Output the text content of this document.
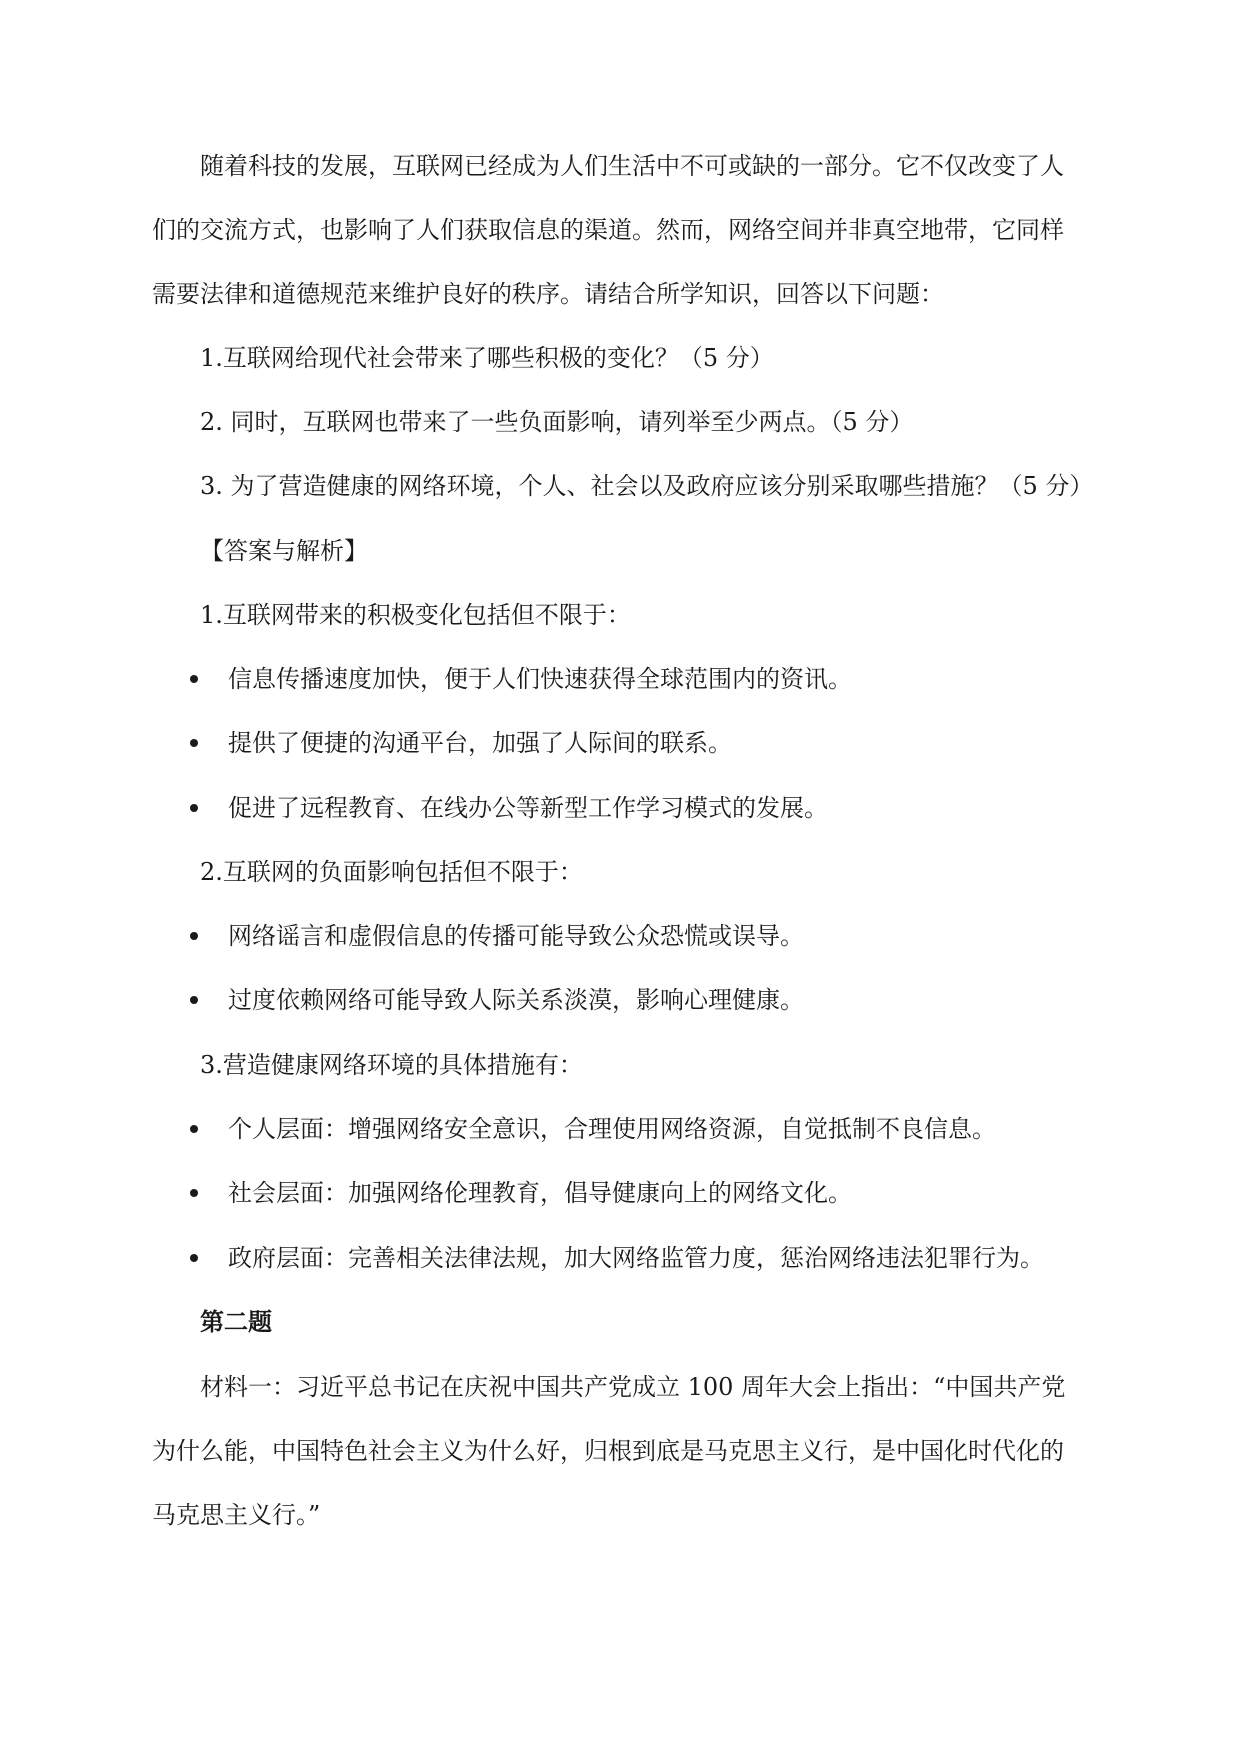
随着科技的发展，互联网已经成为人们生活中不可或缺的一部分。它不仅改变了人
们的交流方式，也影响了人们获取信息的渠道。然而，网络空间并非真空地带，它同样
需要法律和道德规范来维护良好的秩序。请结合所学知识，回答以下问题：
1.互联网给现代社会带来了哪些积极的变化？（5 分）
2. 同时，互联网也带来了一些负面影响，请列举至少两点。（5 分）
3. 为了营造健康的网络环境，个人、社会以及政府应该分别采取哪些措施？（5 分）
【答案与解析】
1.互联网带来的积极变化包括但不限于：
信息传播速度加快，便于人们快速获得全球范围内的资讯。
提供了便捷的沟通平台，加强了人际间的联系。
促进了远程教育、在线办公等新型工作学习模式的发展。
2.互联网的负面影响包括但不限于：
网络谣言和虚假信息的传播可能导致公众恐慌或误导。
过度依赖网络可能导致人际关系淡漠，影响心理健康。
3.营造健康网络环境的具体措施有：
个人层面：增强网络安全意识，合理使用网络资源，自觉抵制不良信息。
社会层面：加强网络伦理教育，倡导健康向上的网络文化。
政府层面：完善相关法律法规，加大网络监管力度，惩治网络违法犯罪行为。
第二题
材料一：习近平总书记在庆祝中国共产党成立 100 周年大会上指出：“中国共产党
为什么能，中国特色社会主义为什么好，归根到底是马克思主义行，是中国化时代化的
马克思主义行。”
